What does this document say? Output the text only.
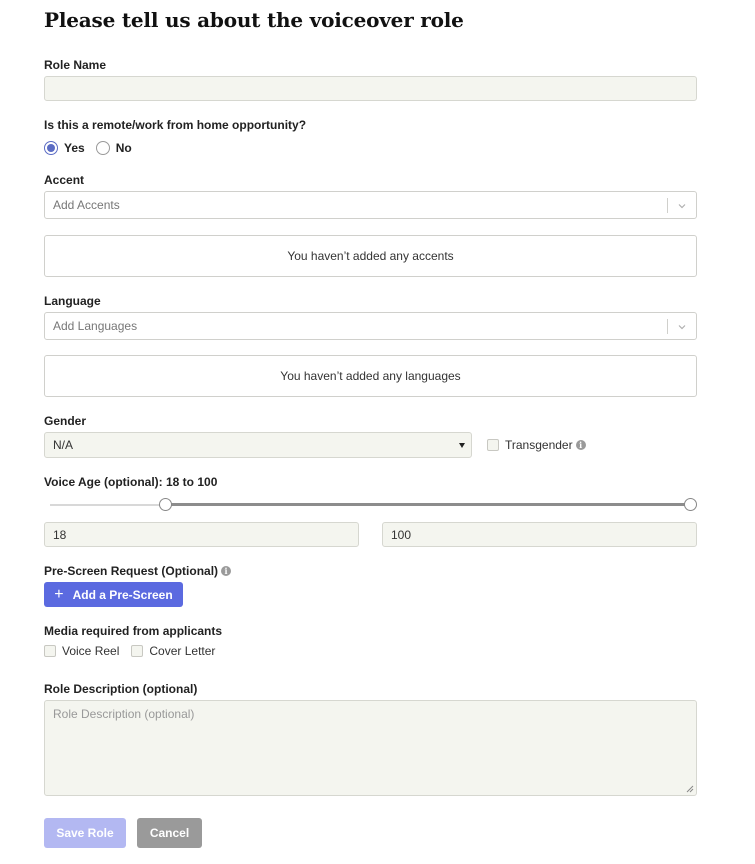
Please tell us about the voiceover role
Role Name
Is this a remote/work from home opportunity?
Yes	No
Accent
Add Accents
You haven’t added any accents
Language
Add Languages
You haven’t added any languages
Gender
N/A	Transgender i
Voice Age (optional): 18 to 100
18	100
Pre-Screen Request (Optional) i
+ Add a Pre-Screen
Media required from applicants
Voice Reel	Cover Letter
Role Description (optional)
Role Description (optional)
Save Role	Cancel
